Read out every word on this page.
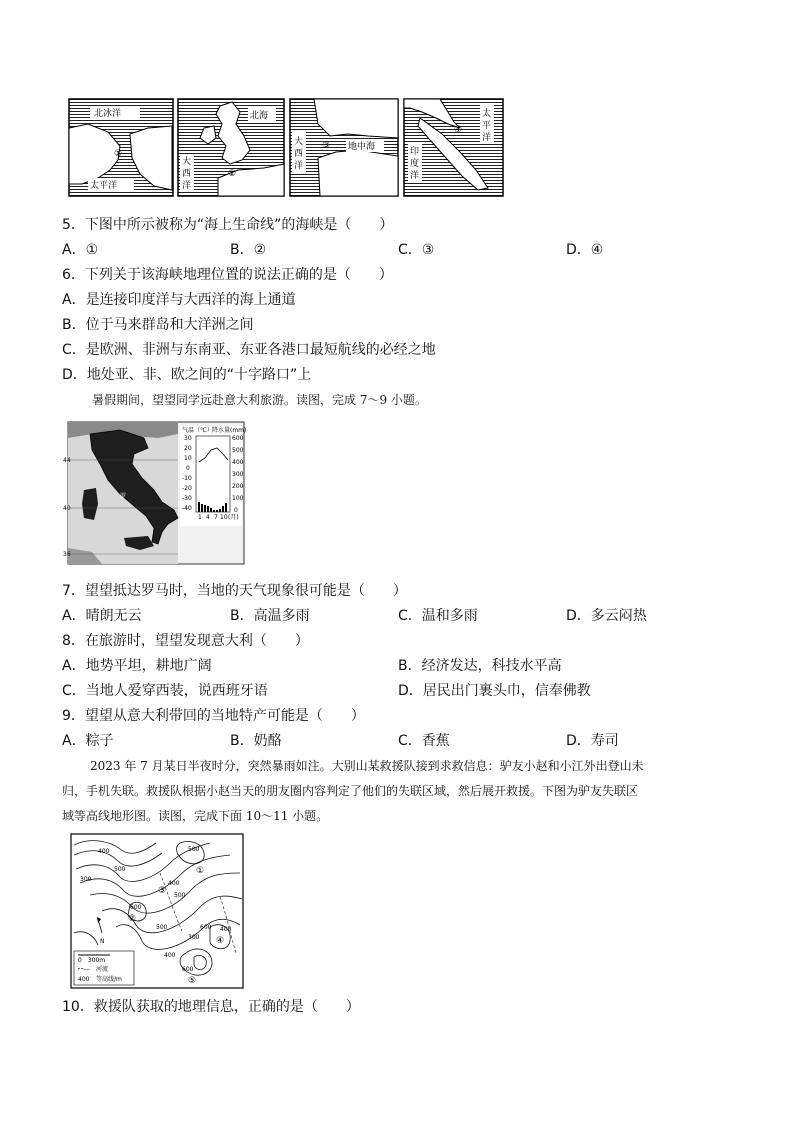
北冰洋
①
太平洋
北海
大
西
洋
②
大
西
洋
③ 地中海
太
平
洋
④
印
度
洋
5．下图中所示被称为“海上生命线”的海峡是（　　）
A．①	B．②	C．③	D．④
6．下列关于该海峡地理位置的说法正确的是（　　）
A．是连接印度洋与大西洋的海上通道
B．位于马来群岛和大洋洲之间
C．是欧洲、非洲与东南亚、东亚各港口最短航线的必经之地
D．地处亚、非、欧之间的“十字路口”上
暑假期间，望望同学远赴意大利旅游。读图，完成 7～9 小题。
44
40
36
罗
气温（℃） 降水量(mm)
30
20
10
0
-10
-20
-30
-40
600
500
400
300
200
100
0
1 4 7 10 (月)
7．望望抵达罗马时，当地的天气现象很可能是（　　）
A．晴朗无云	B．高温多雨	C．温和多雨	D．多云闷热
8．在旅游时，望望发现意大利（　　）
A．地势平坦，耕地广阔	B．经济发达，科技水平高
C．当地人爱穿西装，说西班牙语	D．居民出门裹头巾，信奉佛教
9．望望从意大利带回的当地特产可能是（　　）
A．粽子	B．奶酪	C．香蕉	D．寿司
2023 年 7 月某日半夜时分，突然暴雨如注。大别山某救援队接到求救信息：驴友小赵和小江外出登山未
归，手机失联。救援队根据小赵当天的朋友圈内容判定了他们的失联区域，然后展开救援。下图为驴友失联区
域等高线地形图。读图，完成下面 10～11 小题。
400
500
300
500
600
400
500
300
400
600
500
400
600
①
②
③
④
⑤
N
0　300m
河流
400 等高线/m
10．救援队获取的地理信息，正确的是（　　）
